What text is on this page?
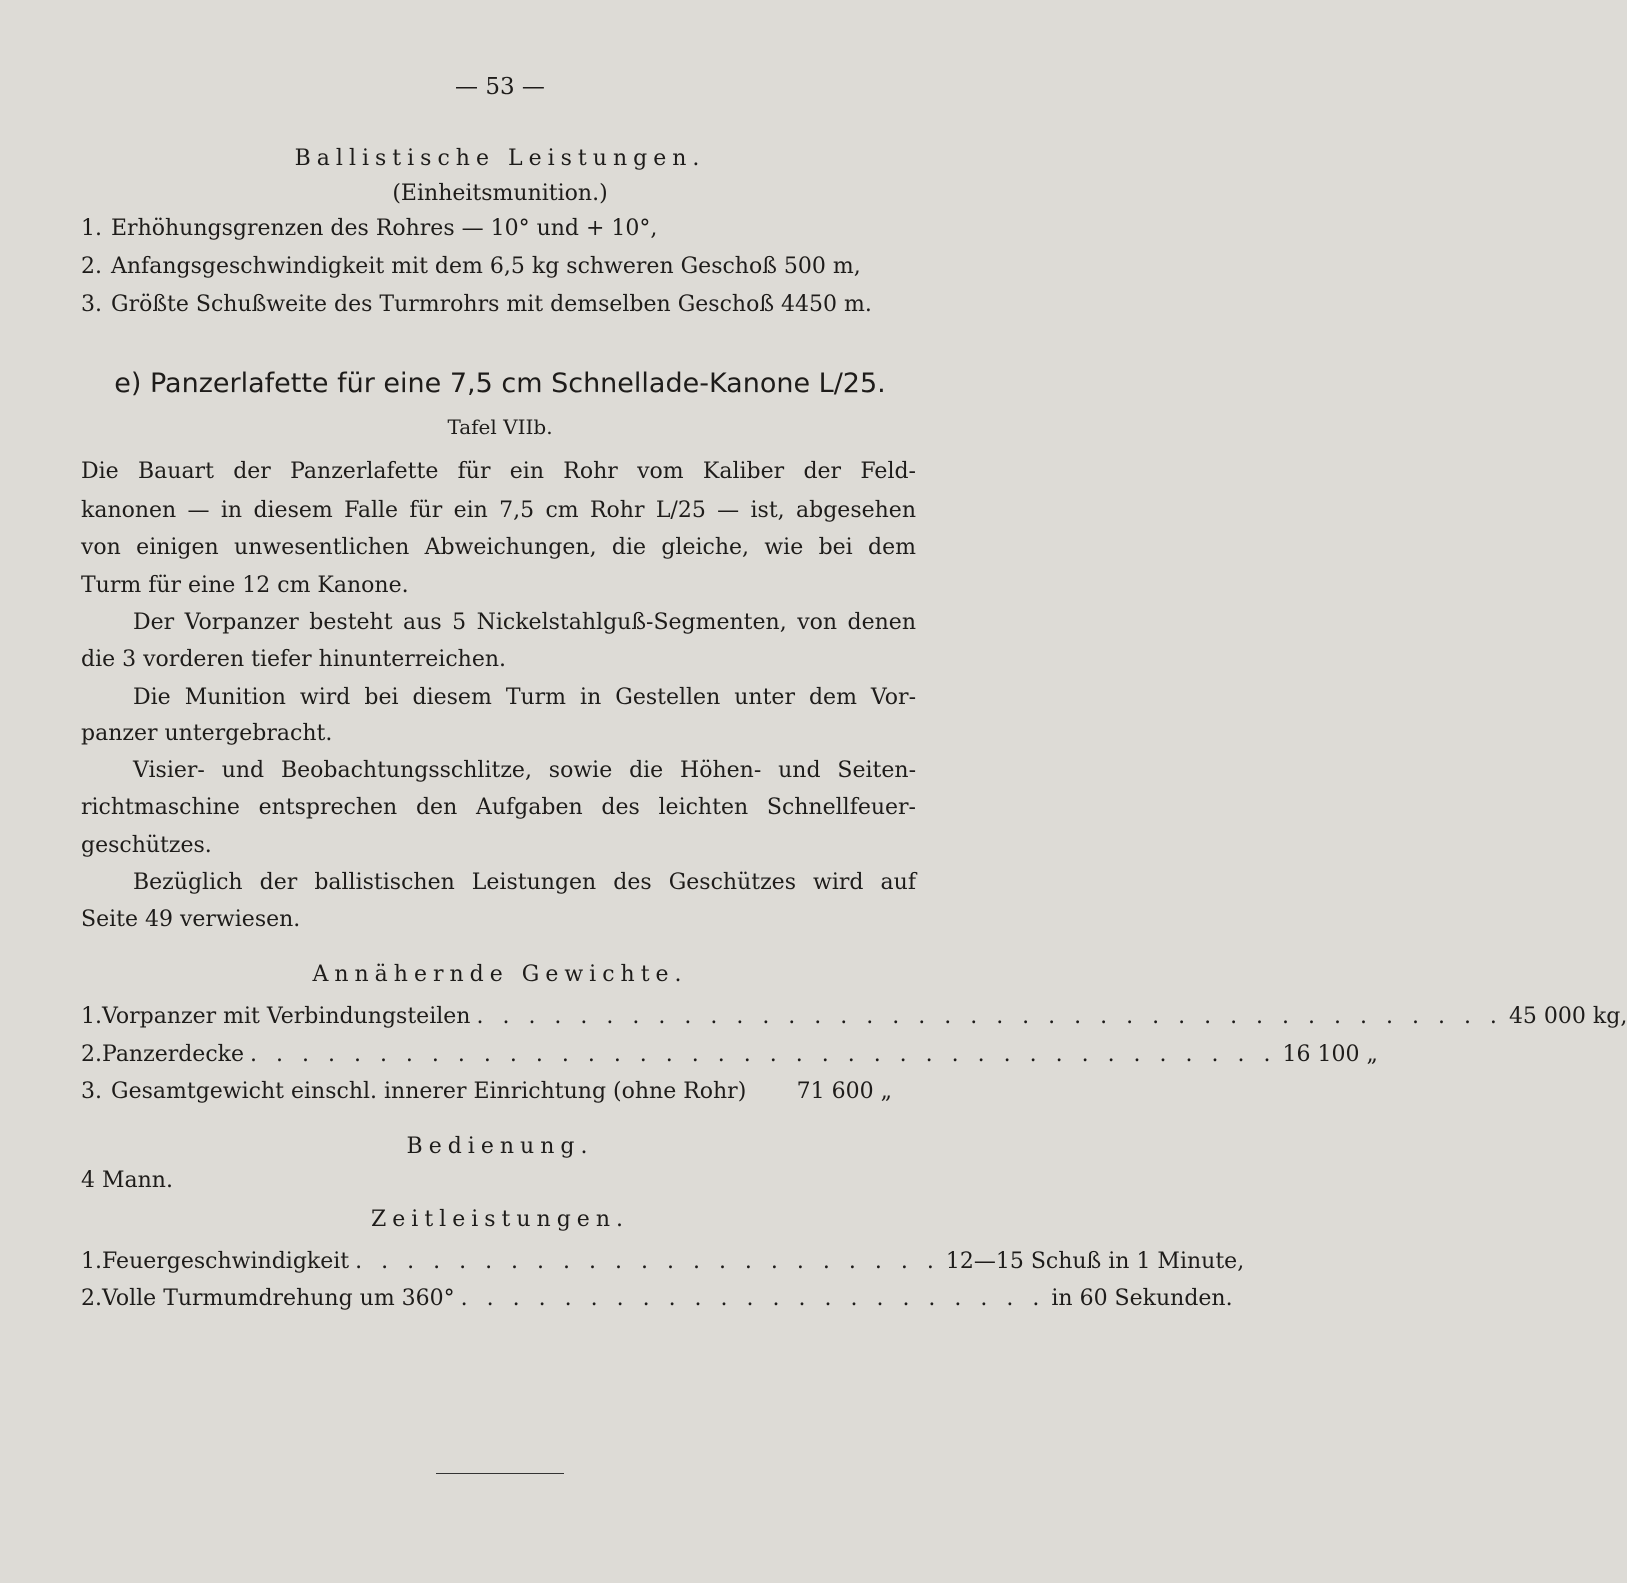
— 53 —
Ballistische Leistungen.
(Einheitsmunition.)
1. Erhöhungsgrenzen des Rohres — 10° und + 10°,
2. Anfangsgeschwindigkeit mit dem 6,5 kg schweren Geschoß 500 m,
3. Größte Schußweite des Turmrohrs mit demselben Geschoß 4450 m.
e) Panzerlafette für eine 7,5 cm Schnellade-Kanone L/25.
Tafel VIIb.
Die Bauart der Panzerlafette für ein Rohr vom Kaliber der Feld-
kanonen — in diesem Falle für ein 7,5 cm Rohr L/25 — ist, abgesehen
von einigen unwesentlichen Abweichungen, die gleiche, wie bei dem
Turm für eine 12 cm Kanone.
Der Vorpanzer besteht aus 5 Nickelstahlguß-Segmenten, von denen
die 3 vorderen tiefer hinunterreichen.
Die Munition wird bei diesem Turm in Gestellen unter dem Vor-
panzer untergebracht.
Visier- und Beobachtungsschlitze, sowie die Höhen- und Seiten-
richtmaschine entsprechen den Aufgaben des leichten Schnellfeuer-
geschützes.
Bezüglich der ballistischen Leistungen des Geschützes wird auf
Seite 49 verwiesen.
Annähernde Gewichte.
1. Vorpanzer mit Verbindungsteilen . . . . . . . . . . . . . . . . . . . . . . . . . . . . . . . . . . . . . . . . 45 000 kg,
2. Panzerdecke . . . . . . . . . . . . . . . . . . . . . . . . . . . . . . . . . . . . . . . . 16 100 „
3. Gesamtgewicht einschl. innerer Einrichtung (ohne Rohr) 71 600 „
Bedienung.
4 Mann.
Zeitleistungen.
1. Feuergeschwindigkeit . . . . . . . . . . . . . . . . . . . . . . . 12—15 Schuß in 1 Minute,
2. Volle Turmumdrehung um 360° . . . . . . . . . . . . . . . . . . . . . . . in 60 Sekunden.
